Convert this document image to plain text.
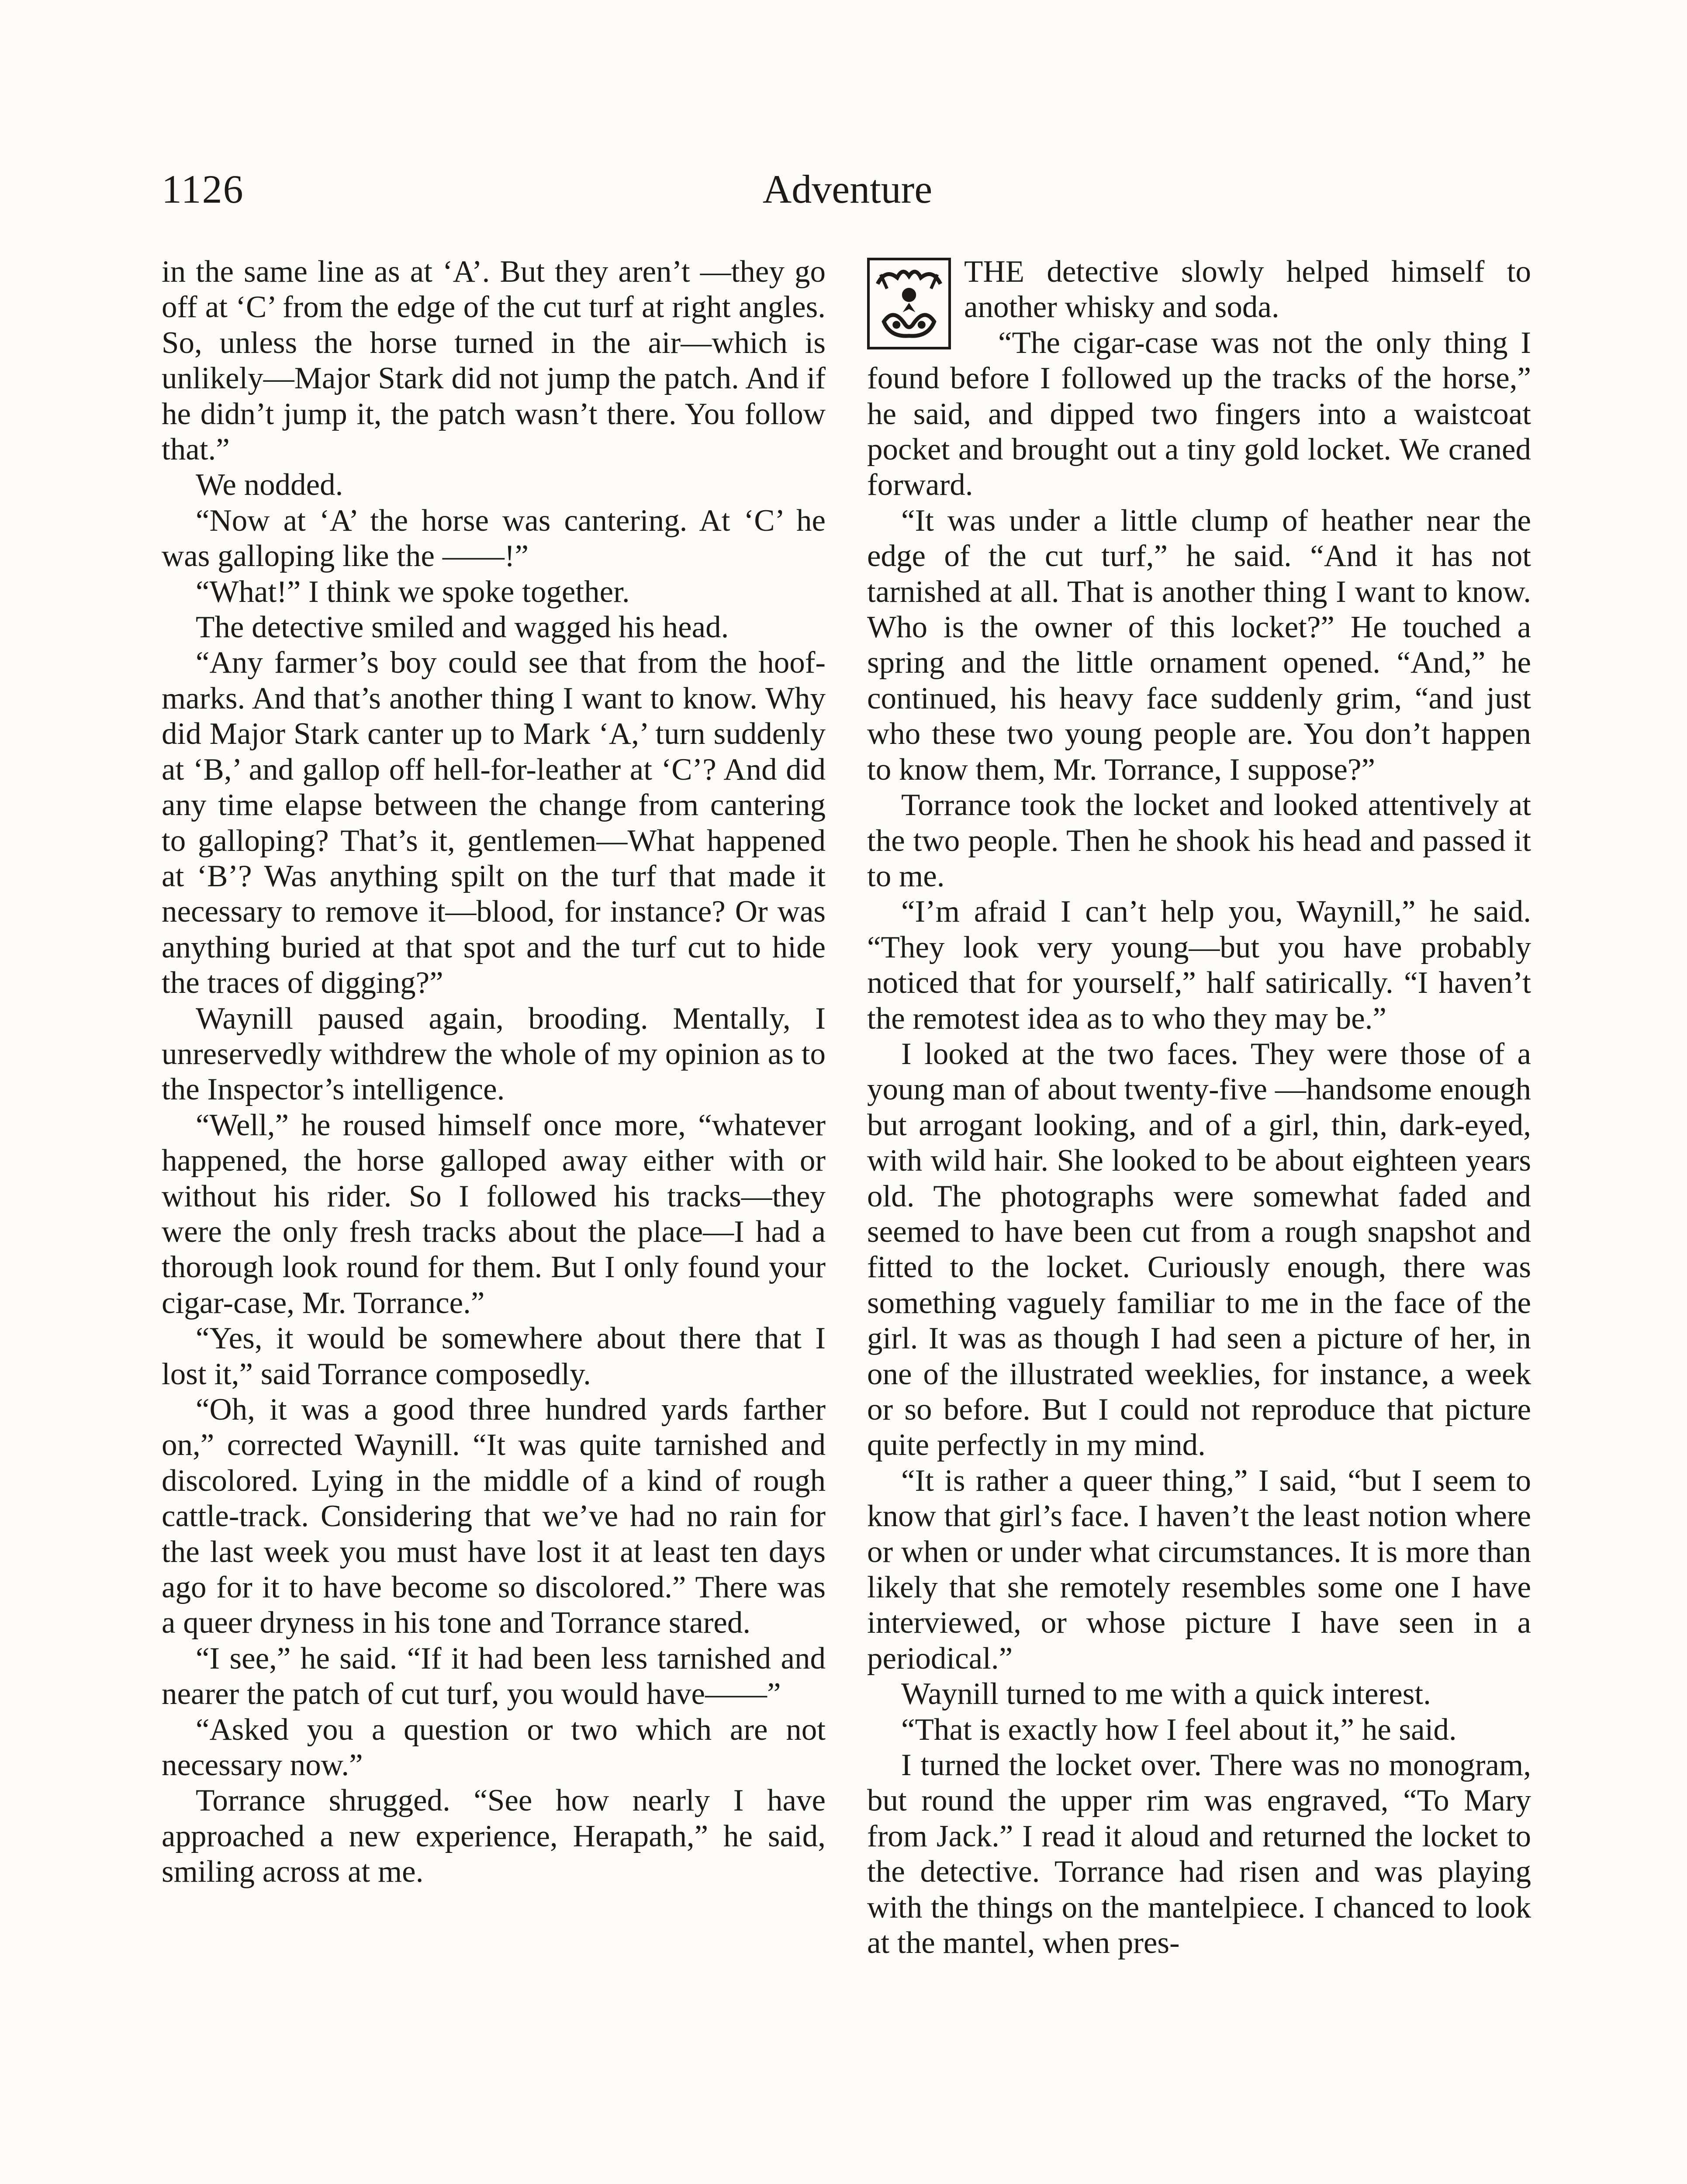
1126	Adventure

in the same line as at ‘A’. But they aren’t —they go off at ‘C’ from the edge of the cut turf at right angles. So, unless the horse turned in the air—which is unlikely—Major Stark did not jump the patch. And if he didn’t jump it, the patch wasn’t there. You follow that.”

We nodded.

“Now at ‘A’ the horse was cantering. At ‘C’ he was galloping like the ——!”

“What!” I think we spoke together.

The detective smiled and wagged his head.

“Any farmer’s boy could see that from the hoof-marks. And that’s another thing I want to know. Why did Major Stark canter up to Mark ‘A,’ turn suddenly at ‘B,’ and gallop off hell-for-leather at ‘C’? And did any time elapse between the change from cantering to galloping? That’s it, gentlemen—What happened at ‘B’? Was anything spilt on the turf that made it necessary to remove it—blood, for instance? Or was anything buried at that spot and the turf cut to hide the traces of digging?”

Waynill paused again, brooding. Mentally, I unreservedly withdrew the whole of my opinion as to the Inspector’s intelligence.

“Well,” he roused himself once more, “whatever happened, the horse galloped away either with or without his rider. So I followed his tracks—they were the only fresh tracks about the place—I had a thorough look round for them. But I only found your cigar-case, Mr. Torrance.”

“Yes, it would be somewhere about there that I lost it,” said Torrance composedly.

“Oh, it was a good three hundred yards farther on,” corrected Waynill. “It was quite tarnished and discolored. Lying in the middle of a kind of rough cattle-track. Considering that we’ve had no rain for the last week you must have lost it at least ten days ago for it to have become so discolored.” There was a queer dryness in his tone and Torrance stared.

“I see,” he said. “If it had been less tarnished and nearer the patch of cut turf, you would have——”

“Asked you a question or two which are not necessary now.”

Torrance shrugged. “See how nearly I have approached a new experience, Herapath,” he said, smiling across at me.

THE detective slowly helped himself to another whisky and soda.

“The cigar-case was not the only thing I found before I followed up the tracks of the horse,” he said, and dipped two fingers into a waistcoat pocket and brought out a tiny gold locket. We craned forward.

“It was under a little clump of heather near the edge of the cut turf,” he said. “And it has not tarnished at all. That is another thing I want to know. Who is the owner of this locket?” He touched a spring and the little ornament opened. “And,” he continued, his heavy face suddenly grim, “and just who these two young people are. You don’t happen to know them, Mr. Torrance, I suppose?”

Torrance took the locket and looked attentively at the two people. Then he shook his head and passed it to me.

“I’m afraid I can’t help you, Waynill,” he said. “They look very young—but you have probably noticed that for yourself,” half satirically. “I haven’t the remotest idea as to who they may be.”

I looked at the two faces. They were those of a young man of about twenty-five —handsome enough but arrogant looking, and of a girl, thin, dark-eyed, with wild hair. She looked to be about eighteen years old. The photographs were somewhat faded and seemed to have been cut from a rough snapshot and fitted to the locket. Curiously enough, there was something vaguely familiar to me in the face of the girl. It was as though I had seen a picture of her, in one of the illustrated weeklies, for instance, a week or so before. But I could not reproduce that picture quite perfectly in my mind.

“It is rather a queer thing,” I said, “but I seem to know that girl’s face. I haven’t the least notion where or when or under what circumstances. It is more than likely that she remotely resembles some one I have interviewed, or whose picture I have seen in a periodical.”

Waynill turned to me with a quick interest.

“That is exactly how I feel about it,” he said.

I turned the locket over. There was no monogram, but round the upper rim was engraved, “To Mary from Jack.” I read it aloud and returned the locket to the detective. Torrance had risen and was playing with the things on the mantelpiece. I chanced to look at the mantel, when pres-
